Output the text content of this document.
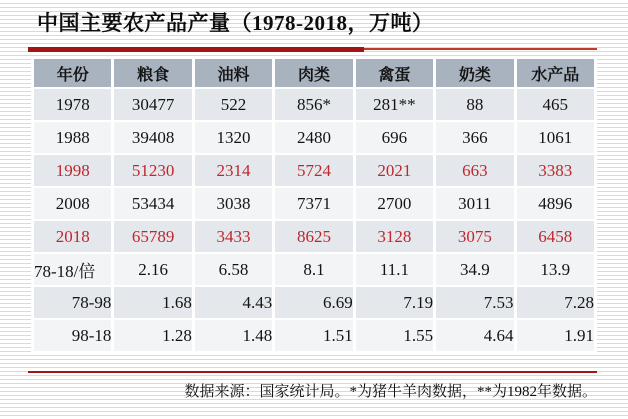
中国主要农产品产量（1978-2018，万吨）
年份	粮食	油料	肉类	禽蛋	奶类	水产品
1978	30477	522	856*	281**	88	465
1988	39408	1320	2480	696	366	1061
1998	51230	2314	5724	2021	663	3383
2008	53434	3038	7371	2700	3011	4896
2018	65789	3433	8625	3128	3075	6458
78-18/倍	2.16	6.58	8.1	11.1	34.9	13.9
78-98	1.68	4.43	6.69	7.19	7.53	7.28
98-18	1.28	1.48	1.51	1.55	4.64	1.91
数据来源：国家统计局。*为猪牛羊肉数据，**为1982年数据。
